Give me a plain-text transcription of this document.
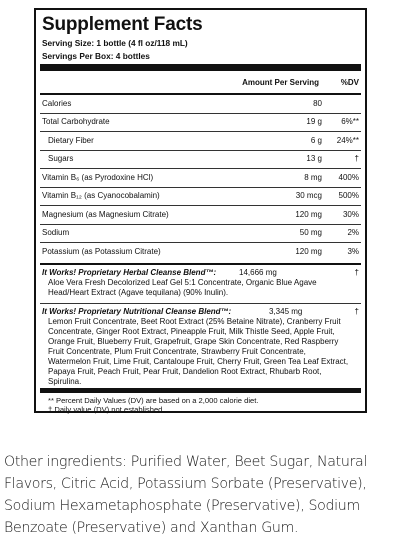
Supplement Facts
Serving Size: 1 bottle (4 fl oz/118 mL)
Servings Per Box: 4 bottles
Amount Per Serving	%DV
Calories	80
Total Carbohydrate	19 g 6%**
Dietary Fiber	6 g 24%**
Sugars	13 g	†
Vitamin B₆ (as Pyrodoxine HCl)	8 mg 400%
Vitamin B₁₂ (as Cyanocobalamin)	30 mcg 500%
Magnesium (as Magnesium Citrate)	120 mg	30%
Sodium	50 mg	2%
Potassium (as Potassium Citrate)	120 mg	3%
It Works! Proprietary Herbal Cleanse Blend™:	14,666 mg	†
Aloe Vera Fresh Decolorized Leaf Gel 5:1 Concentrate, Organic Blue Agave Head/Heart Extract (Agave tequilana) (90% Inulin).
It Works! Proprietary Nutritional Cleanse Blend™:	3,345 mg	†
Lemon Fruit Concentrate, Beet Root Extract (25% Betaine Nitrate), Cranberry Fruit Concentrate, Ginger Root Extract, Pineapple Fruit, Milk Thistle Seed, Apple Fruit, Orange Fruit, Blueberry Fruit, Grapefruit, Grape Skin Concentrate, Red Raspberry Fruit Concentrate, Plum Fruit Concentrate, Strawberry Fruit Concentrate, Watermelon Fruit, Lime Fruit, Cantaloupe Fruit, Cherry Fruit, Green Tea Leaf Extract, Papaya Fruit, Peach Fruit, Pear Fruit, Dandelion Root Extract, Rhubarb Root, Spirulina.
** Percent Daily Values (DV) are based on a 2,000 calorie diet.
† Daily value (DV) not established.
Other ingredients: Purified Water, Beet Sugar, Natural Flavors, Citric Acid, Potassium Sorbate (Preservative), Sodium Hexametaphosphate (Preservative), Sodium Benzoate (Preservative) and Xanthan Gum.
